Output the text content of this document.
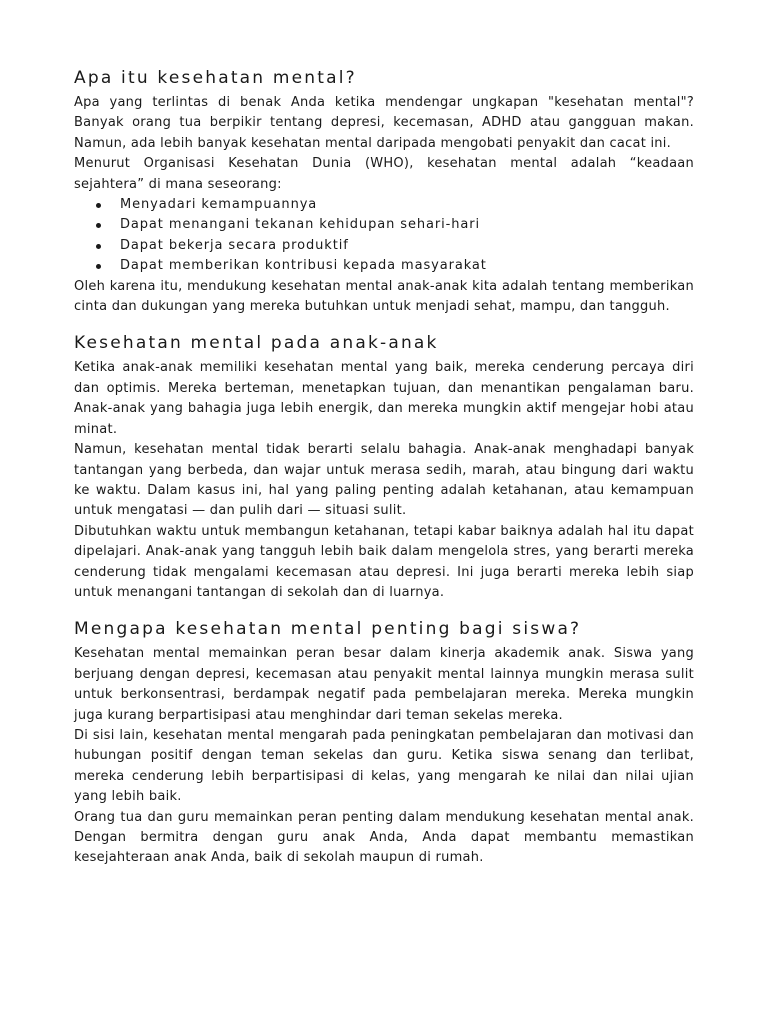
Apa itu kesehatan mental?

Apa yang terlintas di benak Anda ketika mendengar ungkapan "kesehatan mental"? Banyak orang tua berpikir tentang depresi, kecemasan, ADHD atau gangguan makan. Namun, ada lebih banyak kesehatan mental daripada mengobati penyakit dan cacat ini.

Menurut Organisasi Kesehatan Dunia (WHO), kesehatan mental adalah “keadaan sejahtera” di mana seseorang:

Menyadari kemampuannya
Dapat menangani tekanan kehidupan sehari-hari
Dapat bekerja secara produktif
Dapat memberikan kontribusi kepada masyarakat

Oleh karena itu, mendukung kesehatan mental anak-anak kita adalah tentang memberikan cinta dan dukungan yang mereka butuhkan untuk menjadi sehat, mampu, dan tangguh.

Kesehatan mental pada anak-anak

Ketika anak-anak memiliki kesehatan mental yang baik, mereka cenderung percaya diri dan optimis. Mereka berteman, menetapkan tujuan, dan menantikan pengalaman baru. Anak-anak yang bahagia juga lebih energik, dan mereka mungkin aktif mengejar hobi atau minat.

Namun, kesehatan mental tidak berarti selalu bahagia. Anak-anak menghadapi banyak tantangan yang berbeda, dan wajar untuk merasa sedih, marah, atau bingung dari waktu ke waktu. Dalam kasus ini, hal yang paling penting adalah ketahanan, atau kemampuan untuk mengatasi — dan pulih dari — situasi sulit.

Dibutuhkan waktu untuk membangun ketahanan, tetapi kabar baiknya adalah hal itu dapat dipelajari. Anak-anak yang tangguh lebih baik dalam mengelola stres, yang berarti mereka cenderung tidak mengalami kecemasan atau depresi. Ini juga berarti mereka lebih siap untuk menangani tantangan di sekolah dan di luarnya.

Mengapa kesehatan mental penting bagi siswa?

Kesehatan mental memainkan peran besar dalam kinerja akademik anak. Siswa yang berjuang dengan depresi, kecemasan atau penyakit mental lainnya mungkin merasa sulit untuk berkonsentrasi, berdampak negatif pada pembelajaran mereka. Mereka mungkin juga kurang berpartisipasi atau menghindar dari teman sekelas mereka.

Di sisi lain, kesehatan mental mengarah pada peningkatan pembelajaran dan motivasi dan hubungan positif dengan teman sekelas dan guru. Ketika siswa senang dan terlibat, mereka cenderung lebih berpartisipasi di kelas, yang mengarah ke nilai dan nilai ujian yang lebih baik.

Orang tua dan guru memainkan peran penting dalam mendukung kesehatan mental anak. Dengan bermitra dengan guru anak Anda, Anda dapat membantu memastikan kesejahteraan anak Anda, baik di sekolah maupun di rumah.
